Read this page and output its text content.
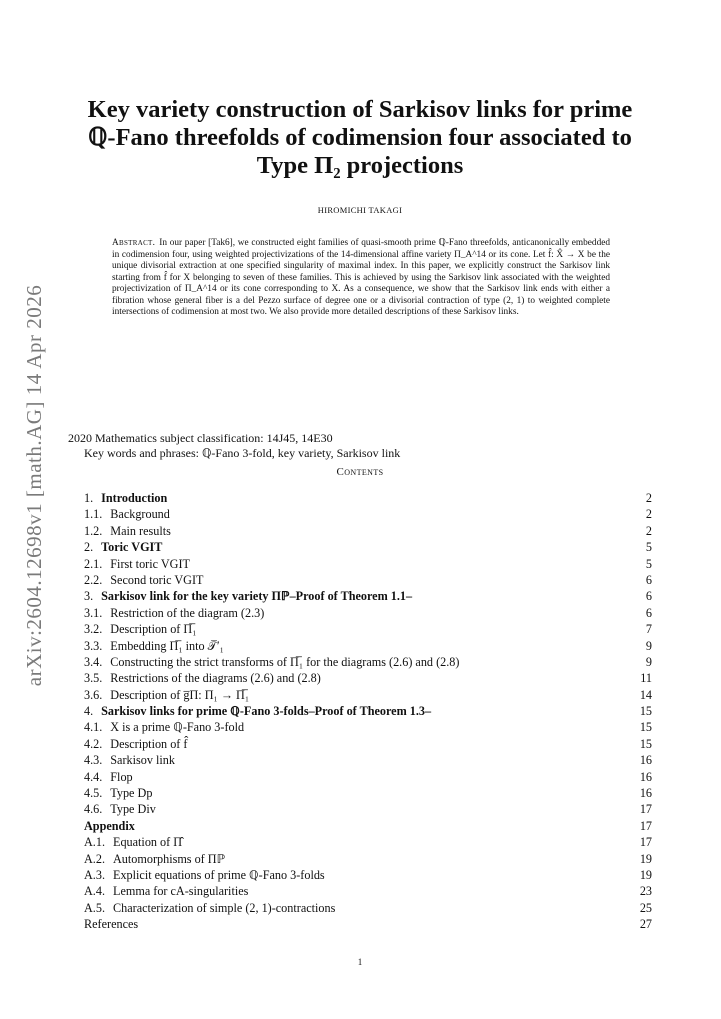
arXiv:2604.12698v1 [math.AG] 14 Apr 2026
Key variety construction of Sarkisov links for prime
ℚ-Fano threefolds of codimension four associated to
Type Π₂ projections
HIROMICHI TAKAGI
Abstract. In our paper [Tak6], we constructed eight families of quasi-smooth prime ℚ-Fano threefolds, anticanonically embedded in codimension four, using weighted projectivizations of the 14-dimensional affine variety Π_A^14 or its cone. Let f̂: X̂ → X be the unique divisorial extraction at one specified singularity of maximal index. In this paper, we explicitly construct the Sarkisov link starting from f̂ for X belonging to seven of these families. This is achieved by using the Sarkisov link associated with the weighted projectivization of Π_A^14 or its cone corresponding to X. As a consequence, we show that the Sarkisov link ends with either a fibration whose general fiber is a del Pezzo surface of degree one or a divisorial contraction of type (2, 1) to weighted complete intersections of codimension at most two. We also provide more detailed descriptions of these Sarkisov links.
2020 Mathematics subject classification: 14J45, 14E30
Key words and phrases: ℚ-Fano 3-fold, key variety, Sarkisov link
Contents
1. Introduction	2
1.1. Background	2
1.2. Main results	2
2. Toric VGIT	5
2.1. First toric VGIT	5
2.2. Second toric VGIT	6
3. Sarkisov link for the key variety Πℙ–Proof of Theorem 1.1–	6
3.1. Restriction of the diagram (2.3)	6
3.2. Description of Π̅₁	7
3.3. Embedding Π̅₁ into 𝒯̅′₁	9
3.4. Constructing the strict transforms of Π̅₁ for the diagrams (2.6) and (2.8)	9
3.5. Restrictions of the diagrams (2.6) and (2.8)	11
3.6. Description of g̅Π: Π₁ → Π̅₁	14
4. Sarkisov links for prime ℚ-Fano 3-folds–Proof of Theorem 1.3–	15
4.1. X is a prime ℚ-Fano 3-fold	15
4.2. Description of f̂	15
4.3. Sarkisov link	16
4.4. Flop	16
4.5. Type Dp	16
4.6. Type Div	17
Appendix	17
A.1. Equation of Π̂	17
A.2. Automorphisms of Πℙ	19
A.3. Explicit equations of prime ℚ-Fano 3-folds	19
A.4. Lemma for cA-singularities	23
A.5. Characterization of simple (2, 1)-contractions	25
References	27
1
